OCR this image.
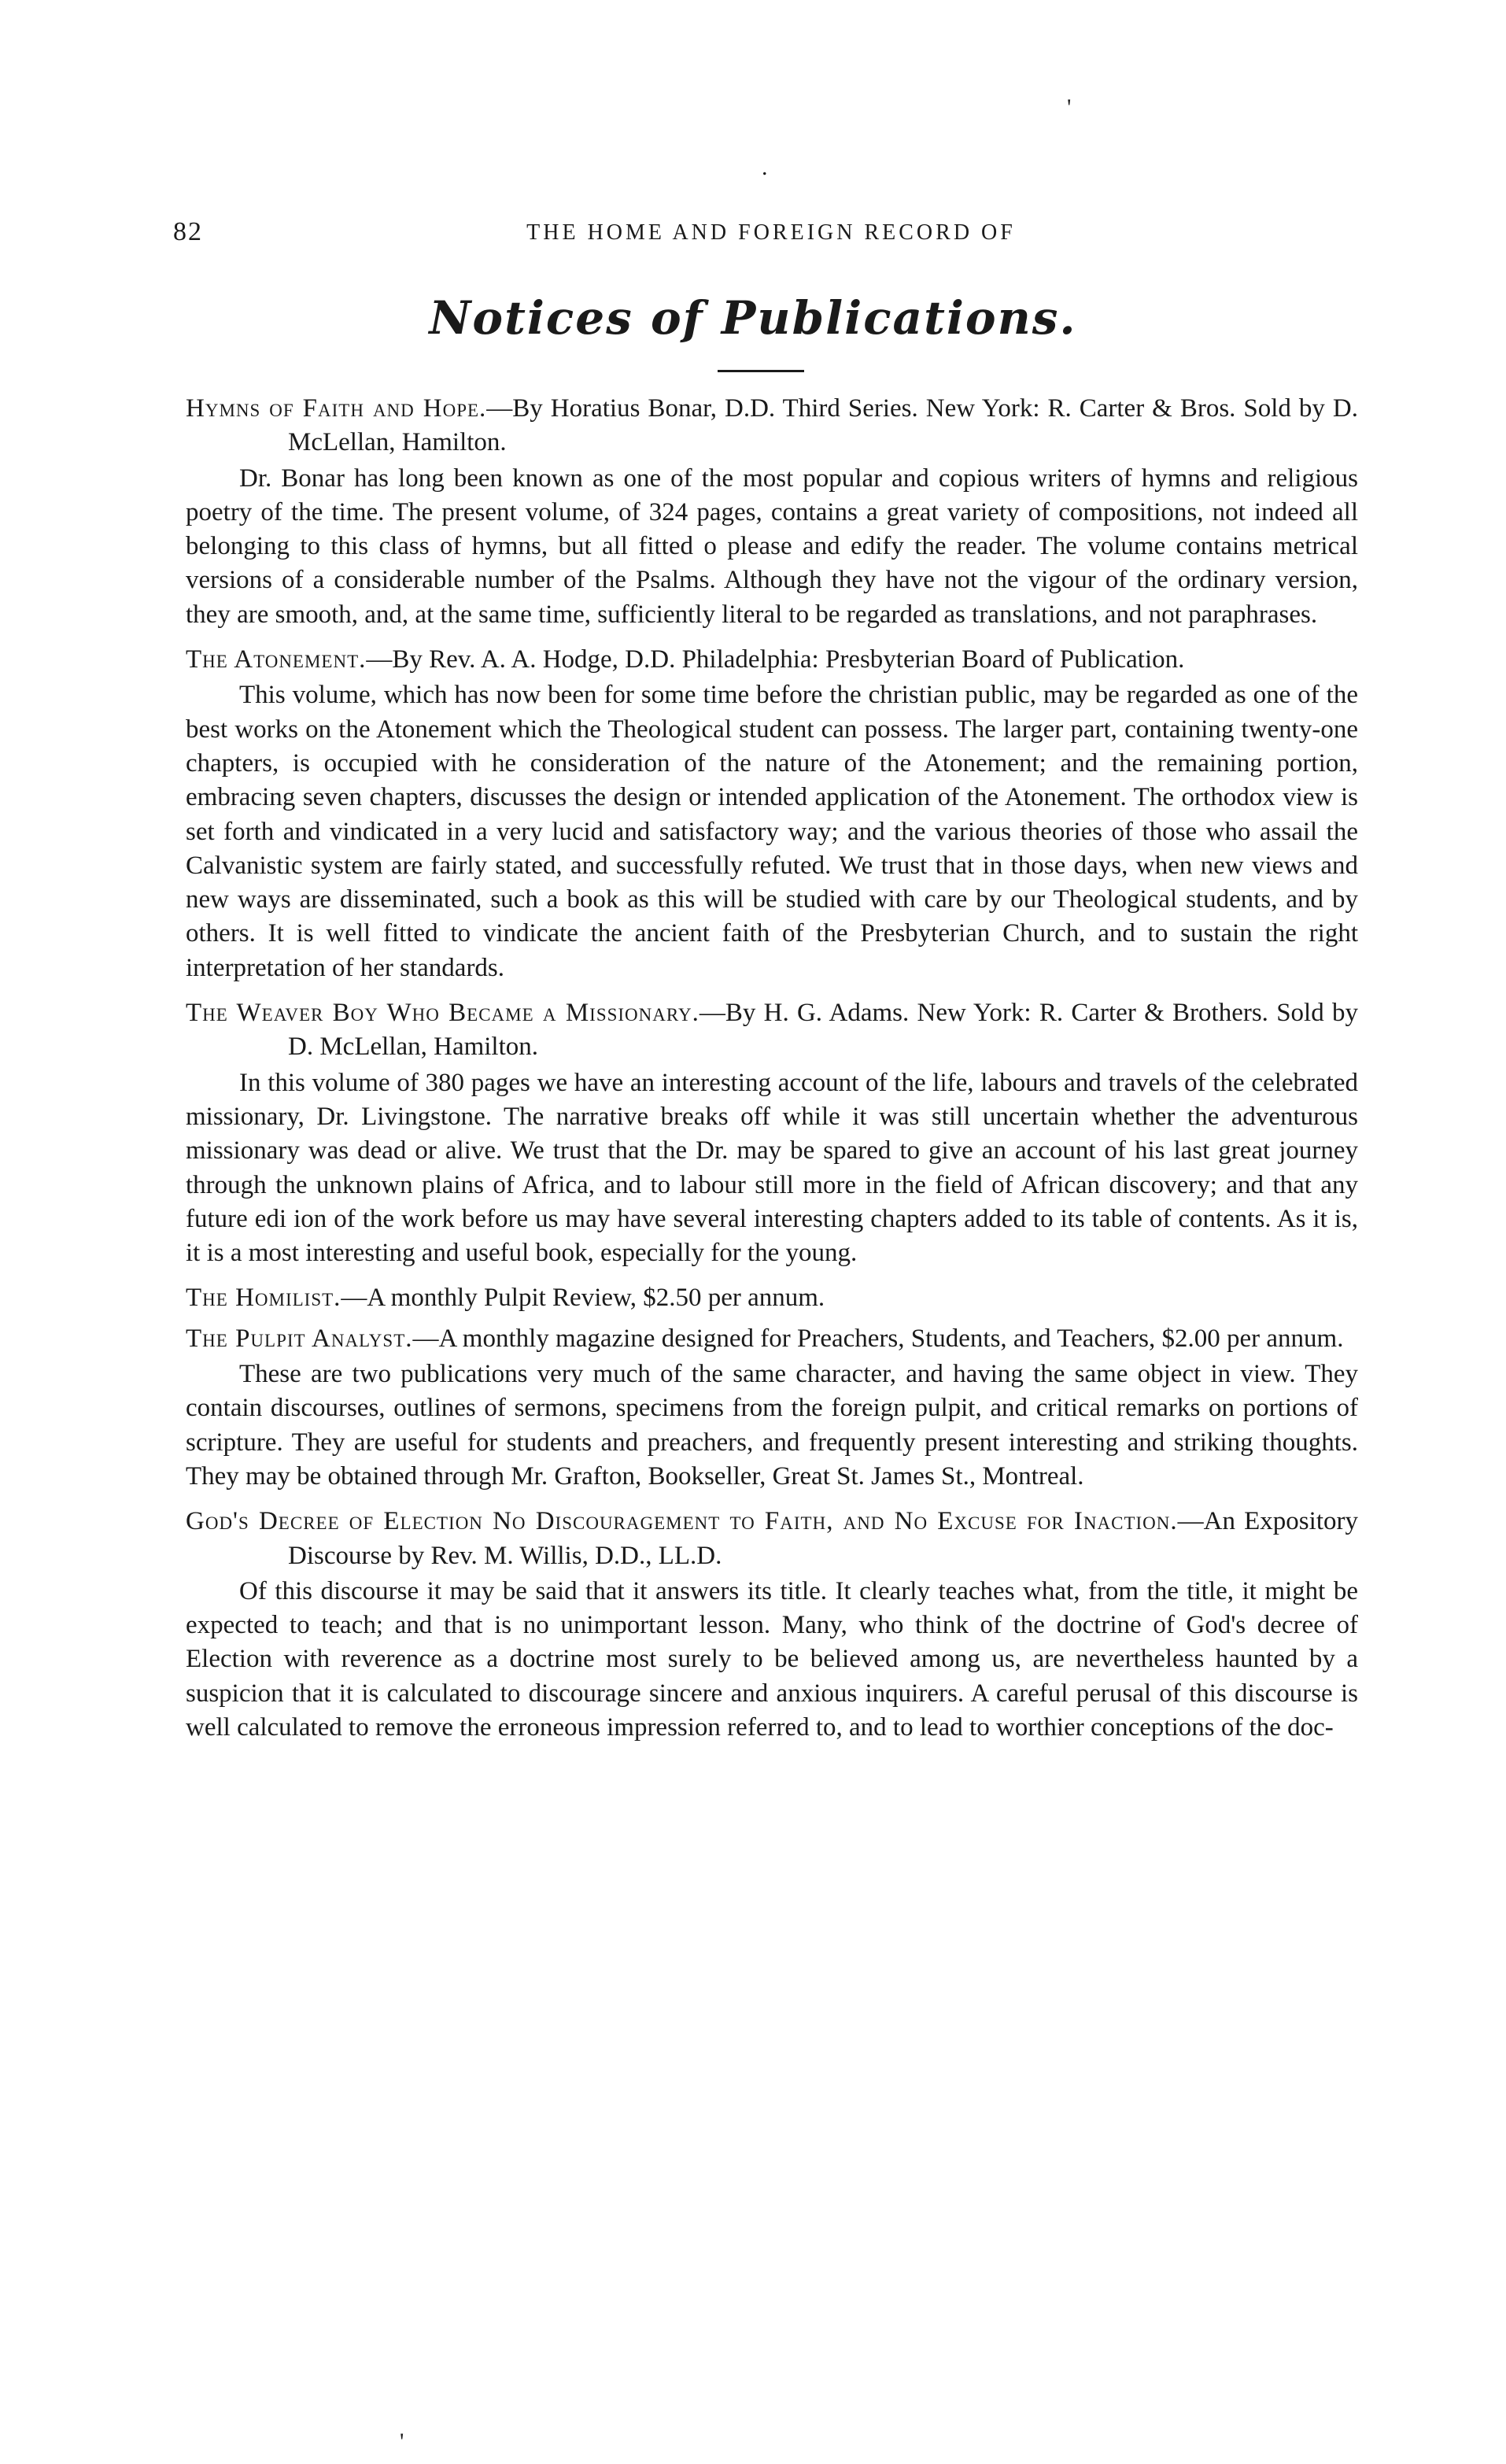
82	THE HOME AND FOREIGN RECORD OF
Notices of Publications.

Hymns of Faith and Hope.—By Horatius Bonar, D.D. Third Series. New York: R. Carter & Bros. Sold by D. McLellan, Hamilton.

Dr. Bonar has long been known as one of the most popular and copious writers of hymns and religious poetry of the time. The present volume, of 324 pages, contains a great variety of compositions, not indeed all belonging to this class of hymns, but all fitted o please and edify the reader. The volume contains metrical versions of a considerable number of the Psalms. Although they have not the vigour of the ordinary version, they are smooth, and, at the same time, sufficiently literal to be regarded as translations, and not paraphrases.

The Atonement.—By Rev. A. A. Hodge, D.D. Philadelphia: Presbyterian Board of Publication.

This volume, which has now been for some time before the christian public, may be regarded as one of the best works on the Atonement which the Theological student can possess. The larger part, containing twenty-one chapters, is occupied with he consideration of the nature of the Atonement; and the remaining portion, embracing seven chapters, discusses the design or intended application of the Atonement. The orthodox view is set forth and vindicated in a very lucid and satisfactory way; and the various theories of those who assail the Calvanistic system are fairly stated, and successfully refuted. We trust that in those days, when new views and new ways are disseminated, such a book as this will be studied with care by our Theological students, and by others. It is well fitted to vindicate the ancient faith of the Presbyterian Church, and to sustain the right interpretation of her standards.

The Weaver Boy Who Became a Missionary.—By H. G. Adams. New York: R. Carter & Brothers. Sold by D. McLellan, Hamilton.

In this volume of 380 pages we have an interesting account of the life, labours and travels of the celebrated missionary, Dr. Livingstone. The narrative breaks off while it was still uncertain whether the adventurous missionary was dead or alive. We trust that the Dr. may be spared to give an account of his last great journey through the unknown plains of Africa, and to labour still more in the field of African discovery; and that any future edi ion of the work before us may have several interesting chapters added to its table of contents. As it is, it is a most interesting and useful book, especially for the young.

The Homilist.—A monthly Pulpit Review, $2.50 per annum.

The Pulpit Analyst.—A monthly magazine designed for Preachers, Students, and Teachers, $2.00 per annum.

These are two publications very much of the same character, and having the same object in view. They contain discourses, outlines of sermons, specimens from the foreign pulpit, and critical remarks on portions of scripture. They are useful for students and preachers, and frequently present interesting and striking thoughts. They may be obtained through Mr. Grafton, Bookseller, Great St. James St., Montreal.

God's Decree of Election No Discouragement to Faith, and No Excuse for Inaction.—An Expository Discourse by Rev. M. Willis, D.D., LL.D.

Of this discourse it may be said that it answers its title. It clearly teaches what, from the title, it might be expected to teach; and that is no unimportant lesson. Many, who think of the doctrine of God's decree of Election with reverence as a doctrine most surely to be believed among us, are nevertheless haunted by a suspicion that it is calculated to discourage sincere and anxious inquirers. A careful perusal of this discourse is well calculated to remove the erroneous impression referred to, and to lead to worthier conceptions of the doc-

'
.
'
